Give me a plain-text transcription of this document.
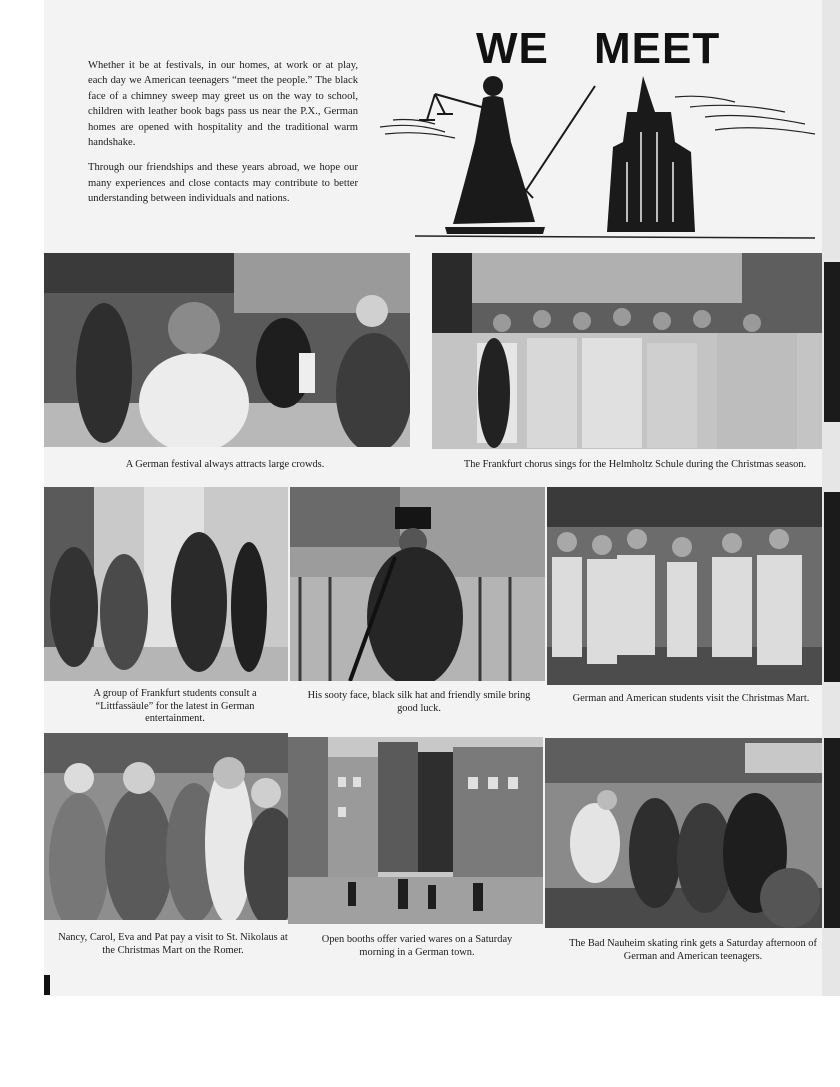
Whether it be at festivals, in our homes, at work or at play, each day we American teenagers “meet the people.” The black face of a chimney sweep may greet us on the way to school, children with leather book bags pass us near the P.X., German homes are opened with hospitality and the traditional warm handshake.

Through our friendships and these years abroad, we hope our many experiences and close contacts may contribute to better understanding between individuals and nations.

WE MEET
A German festival always attracts large crowds.	The Frankfurt chorus sings for the Helmholtz Schule during the Christmas season.
A group of Frankfurt students consult a “Littfassäule” for the latest in German entertainment.
His sooty face, black silk hat and friendly smile bring good luck.
German and American students visit the Christmas Mart.
Nancy, Carol, Eva and Pat pay a visit to St. Nikolaus at the Christmas Mart on the Romer.
Open booths offer varied wares on a Saturday morning in a German town.
The Bad Nauheim skating rink gets a Saturday afternoon of German and American teenagers.
